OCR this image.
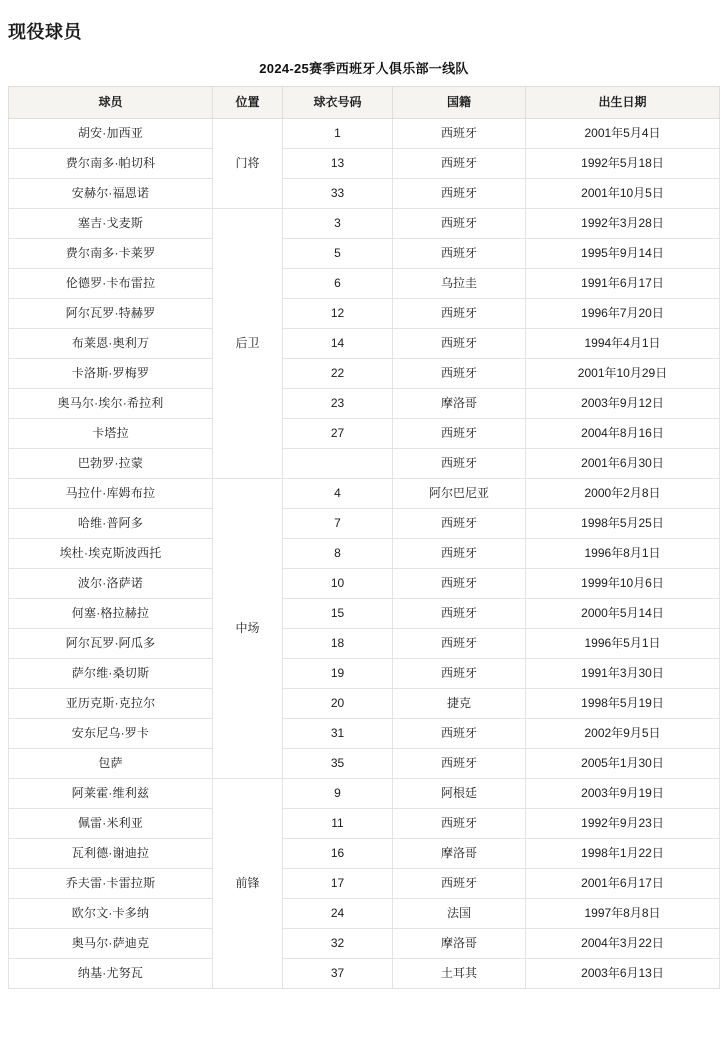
现役球员
2024-25赛季西班牙人俱乐部一线队
球员	位置	球衣号码	国籍	出生日期
胡安·加西亚	门将	1	西班牙	2001年5月4日
费尔南多·帕切科		13	西班牙	1992年5月18日
安赫尔·福恩诺		33	西班牙	2001年10月5日
塞吉·戈麦斯	后卫	3	西班牙	1992年3月28日
费尔南多·卡莱罗		5	西班牙	1995年9月14日
伦德罗·卡布雷拉		6	乌拉圭	1991年6月17日
阿尔瓦罗·特赫罗		12	西班牙	1996年7月20日
布莱恩·奥利万		14	西班牙	1994年4月1日
卡洛斯·罗梅罗		22	西班牙	2001年10月29日
奥马尔·埃尔·希拉利		23	摩洛哥	2003年9月12日
卡塔拉		27	西班牙	2004年8月16日
巴勃罗·拉蒙			西班牙	2001年6月30日
马拉什·库姆布拉	中场	4	阿尔巴尼亚	2000年2月8日
哈维·普阿多		7	西班牙	1998年5月25日
埃杜·埃克斯波西托		8	西班牙	1996年8月1日
波尔·洛萨诺		10	西班牙	1999年10月6日
何塞·格拉赫拉		15	西班牙	2000年5月14日
阿尔瓦罗·阿瓜多		18	西班牙	1996年5月1日
萨尔维·桑切斯		19	西班牙	1991年3月30日
亚历克斯·克拉尔		20	捷克	1998年5月19日
安东尼乌·罗卡		31	西班牙	2002年9月5日
包萨		35	西班牙	2005年1月30日
阿莱霍·维利兹	前锋	9	阿根廷	2003年9月19日
佩雷·米利亚		11	西班牙	1992年9月23日
瓦利德·谢迪拉		16	摩洛哥	1998年1月22日
乔夫雷·卡雷拉斯		17	西班牙	2001年6月17日
欧尔文·卡多纳		24	法国	1997年8月8日
奥马尔·萨迪克		32	摩洛哥	2004年3月22日
纳基·尤努瓦		37	土耳其	2003年6月13日
